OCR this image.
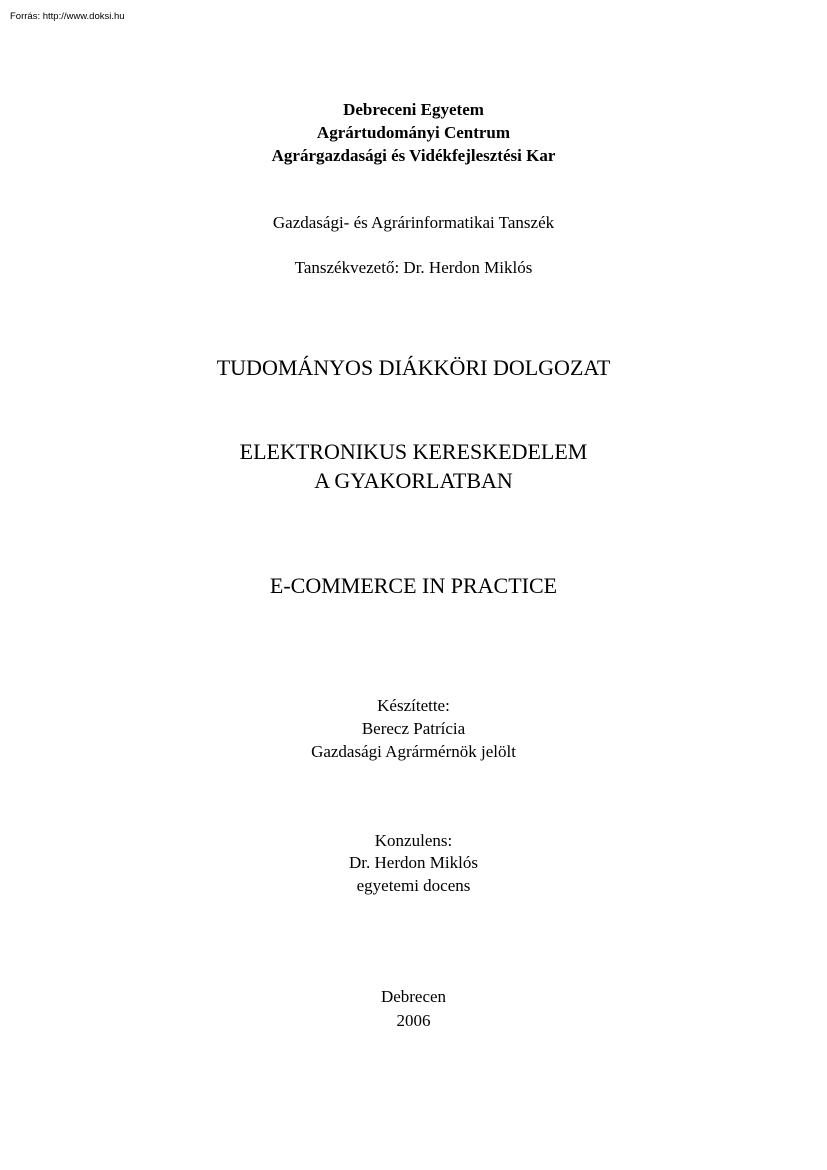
Forrás: http://www.doksi.hu

Debreceni Egyetem

Agrártudományi Centrum

Agrárgazdasági és Vidékfejlesztési Kar

Gazdasági- és Agrárinformatikai Tanszék

Tanszékvezető: Dr. Herdon Miklós

TUDOMÁNYOS DIÁKKÖRI DOLGOZAT

ELEKTRONIKUS KERESKEDELEM

A GYAKORLATBAN

E-COMMERCE IN PRACTICE

Készítette:

Berecz Patrícia

Gazdasági Agrármérnök jelölt

Konzulens:

Dr. Herdon Miklós

egyetemi docens

Debrecen

2006
